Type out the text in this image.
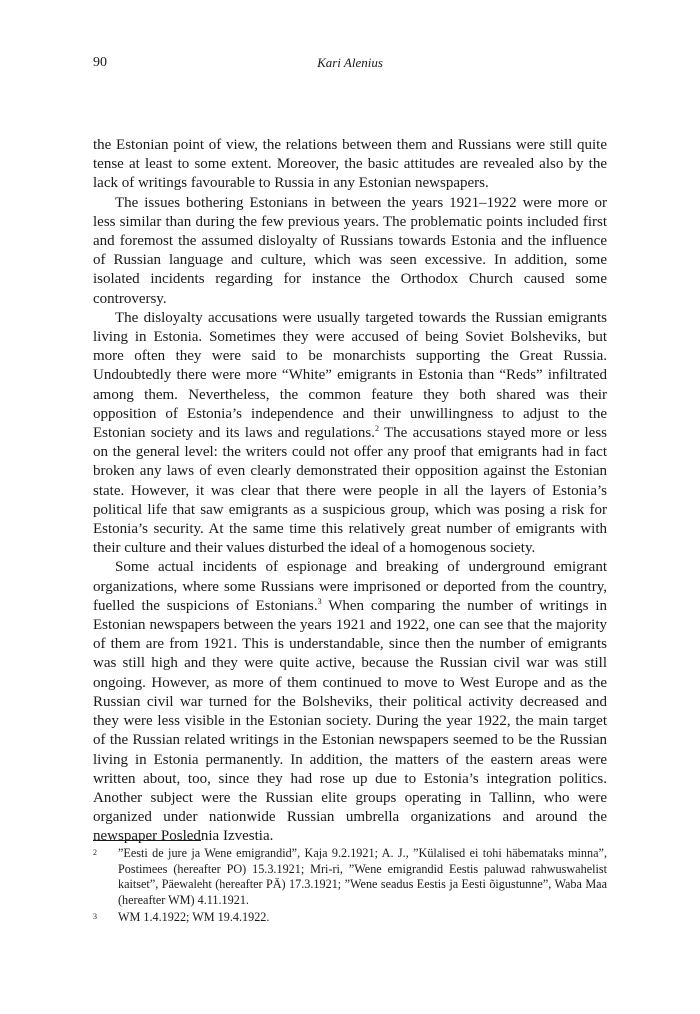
90	Kari Alenius

the Estonian point of view, the relations between them and Russians were still quite tense at least to some extent. Moreover, the basic attitudes are revealed also by the lack of writings favourable to Russia in any Estonian newspapers.

The issues bothering Estonians in between the years 1921–1922 were more or less similar than during the few previous years. The problematic points included first and foremost the assumed disloyalty of Russians towards Estonia and the influence of Russian language and culture, which was seen excessive. In addition, some isolated incidents regarding for instance the Orthodox Church caused some controversy.

The disloyalty accusations were usually targeted towards the Russian emigrants living in Estonia. Sometimes they were accused of being Soviet Bolsheviks, but more often they were said to be monarchists supporting the Great Russia. Undoubtedly there were more “White” emigrants in Estonia than “Reds” infiltrated among them. Nevertheless, the common feature they both shared was their opposition of Estonia’s independence and their unwillingness to adjust to the Estonian society and its laws and regulations.$^2$ The accusations stayed more or less on the general level: the writers could not offer any proof that emigrants had in fact broken any laws of even clearly demonstrated their opposition against the Estonian state. However, it was clear that there were people in all the layers of Estonia’s political life that saw emigrants as a suspicious group, which was posing a risk for Estonia’s security. At the same time this relatively great number of emigrants with their culture and their values disturbed the ideal of a homogenous society.

Some actual incidents of espionage and breaking of underground emigrant organizations, where some Russians were imprisoned or deported from the country, fuelled the suspicions of Estonians.$^3$ When comparing the number of writings in Estonian newspapers between the years 1921 and 1922, one can see that the majority of them are from 1921. This is understandable, since then the number of emigrants was still high and they were quite active, because the Russian civil war was still ongoing. However, as more of them continued to move to West Europe and as the Russian civil war turned for the Bolsheviks, their political activity decreased and they were less visible in the Estonian society. During the year 1922, the main target of the Russian related writings in the Estonian newspapers seemed to be the Russian living in Estonia permanently. In addition, the matters of the eastern areas were written about, too, since they had rose up due to Estonia’s integration politics. Another subject were the Russian elite groups operating in Tallinn, who were organized under nationwide Russian umbrella organizations and around the newspaper Poslednia Izvestia.

2 ”Eesti de jure ja Wene emigrandid”, Kaja 9.2.1921; A. J., ”Külalised ei tohi häbemataks minna”, Postimees (hereafter PO) 15.3.1921; Mri-ri, ”Wene emigrandid Eestis paluwad rahwuswahelist kaitset”, Päewaleht (hereafter PÄ) 17.3.1921; ”Wene seadus Eestis ja Eesti õigustunne”, Waba Maa (hereafter WM) 4.11.1921.

3 WM 1.4.1922; WM 19.4.1922.
